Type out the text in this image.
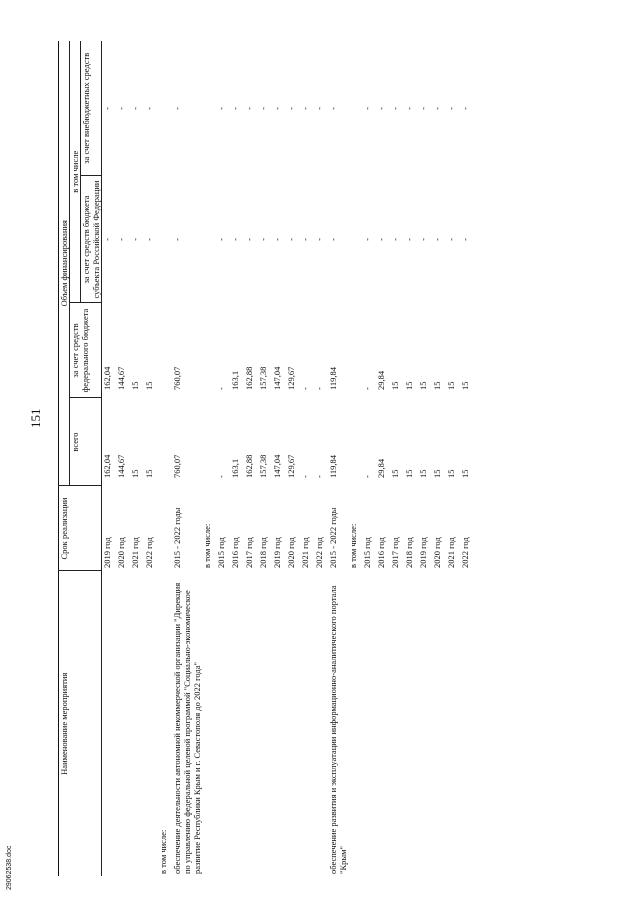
151
Наименование мероприятия	Срок реализации	Объем финансирования			
		всего	за счет средств федерального бюджета	в том числе	
				за счет средств бюджета субъекта Российской Федерации	за счет внебюджетных средств

	2019 год	162,04	162,04	-	-
	2020 год	144,67	144,67	-	-
	2021 год	15	15	-	-
	2022 год	15	15	-	-
в том числе:					
обеспечение деятельности автономной некоммерческой организации "Дирекция по управлению федеральной целевой программой "Социально-экономическое развитие Республики Крым и г. Севастополя до 2022 года"	2015 - 2022 годы	760,07	760,07	-	-
	в том числе:				
	2015 год	-	-	-	-
	2016 год	163,1	163,1	-	-
	2017 год	162,88	162,88	-	-
	2018 год	157,38	157,38	-	-
	2019 год	147,04	147,04	-	-
	2020 год	129,67	129,67	-	-
	2021 год	-	-	-	-
	2022 год	-	-	-	-
обеспечение развития и эксплуатации информационно-аналитического портала "Крым"	2015 - 2022 годы	119,84	119,84	-	-
	в том числе:				
	2015 год	-	-	-	-
	2016 год	29,84	29,84	-	-
	2017 год	15	15	-	-
	2018 год	15	15	-	-
	2019 год	15	15	-	-
	2020 год	15	15	-	-
	2021 год	15	15	-	-
	2022 год	15	15	-	-
29062538.doc
